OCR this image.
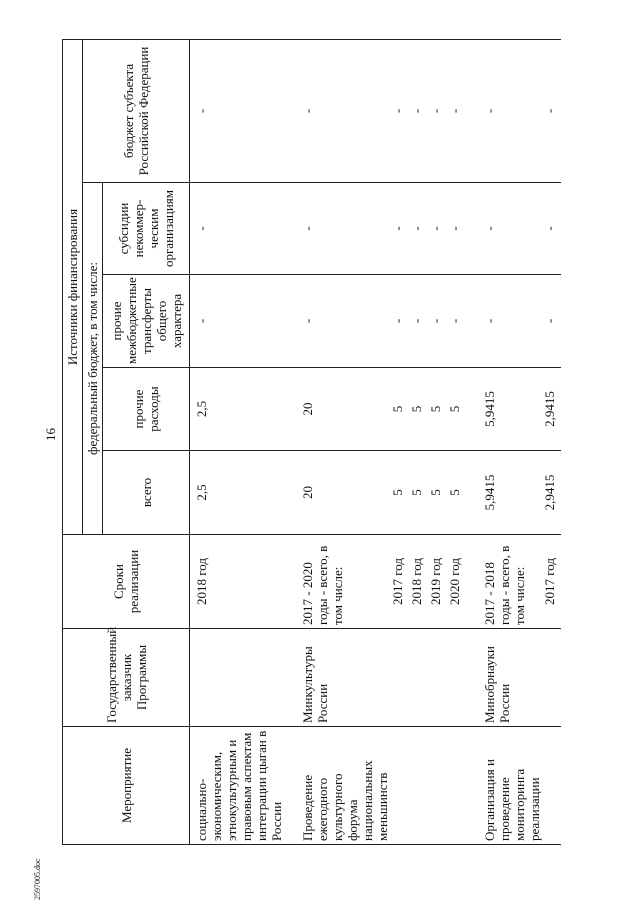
16
2597005.doc
Мероприятие	Государственный заказчик Программы	Сроки реализации	Источники финансирования				
			федеральный бюджет, в том числе:				бюджет субъекта Российской Федерации
			всего	прочие расходы	прочие межбюджетные трансферты общего характера	субсидии некоммер-ческим организациям	
социально-экономическим, этнокультурным и правовым аспектам интеграции цыган в России		2018 год	2,5	2,5	-	-	-

Проведение ежегодного культурного форума национальных меньшинств	Минкультуры России	2017 - 2020 годы - всего, в том числе:	20	20	-	-	-
		2017 год	5	5	-	-	-
		2018 год	5	5	-	-	-
		2019 год	5	5	-	-	-
		2020 год	5	5	-	-	-

Организация и проведение мониторинга реализации	Минобрнауки России	2017 - 2018 годы - всего, в том числе:	5,9415	5,9415	-	-	-
		2017 год	2,9415	2,9415	-	-	-
